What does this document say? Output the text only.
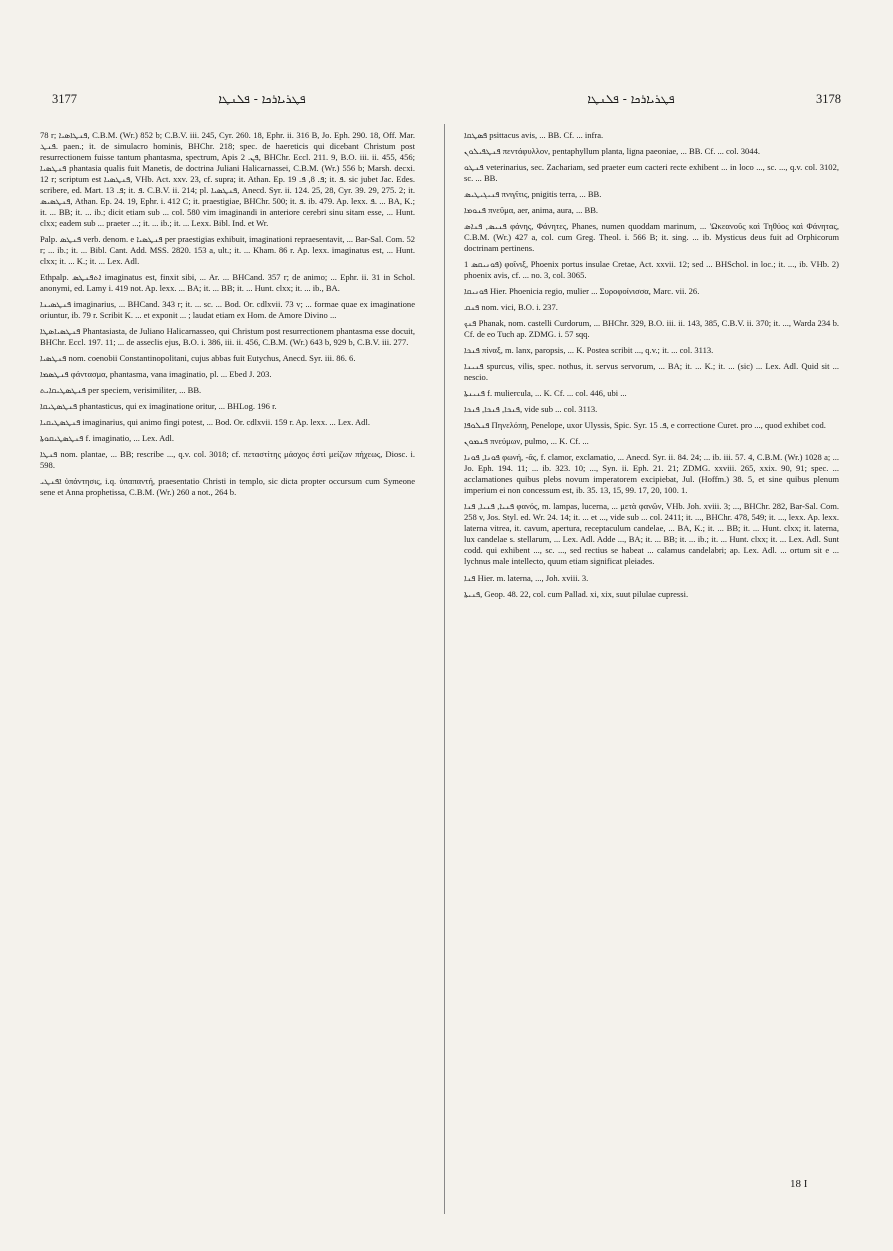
3177	ܦܛܪܝܐܪܟܐ - ܦܠܢܛܐ	ܦܛܪܝܐܪܟܐ - ܦܠܢܛܐ	3178

78 r; ܦܢܛܐܣܝܐ, C.B.M. (Wr.) 852 b; C.B.V. iii. 245, Cyr. 260. 18, Ephr. ii. 316 B, Jo. Eph. 290. 18, Off. Mar. ܦܢܛ. paen.; it. de simulacro hominis, BHChr. 218; spec. de haereticis qui dicebant Christum post resurrectionem fuisse tantum phantasma, spectrum, Apis ܦܢ. 2, BHChr. Eccl. 211. 9, B.O. iii. ii. 455, 456; ܦܢܛܣܝܐ phantasia qualis fuit Manetis, de doctrina Juliani Halicarnassei, C.B.M. (Wr.) 556 b; Marsh. decxi. 12 r; scriptum est ܦܢܛܣܝܐ, VHb. Act. xxv. 23, cf. supra; it. Athan. Ep. ܦ. 8, ܦ. 19; it. ܦ. sic jubet Jac. Edes. scribere, ed. Mart. ܦ. 13; it. ܦ. C.B.V. ii. 214; pl. ܦܢܛܣܝܐ, Anecd. Syr. ii. 124. 25, 28, Cyr. 39. 29, 275. 2; it. ܦܢܛܣܝܣ, Athan. Ep. 24. 19, Ephr. i. 412 C; it. praestigiae, BHChr. 500; it. ܦ. ib. 479. Ap. lexx. ܦ. ... BA, K.; it. ... BB; it. ... ib.; dicit etiam sub ... col. 580 vim imaginandi in anteriore cerebri sinu sitam esse, ... Hunt. clxx; eadem sub ... praeter ...; it. ... ib.; it. ... Lexx. Bibl. Ind. et Wr.

Palp. ܦܢܛܣ verb. denom. e ܦܢܛܣܝܐ per praestigias exhibuit, imaginationi repraesentavit, ... Bar-Sal. Com. 52 r; ... ib.; it. ... Bibl. Cant. Add. MSS. 2820. 153 a, ult.; it. ... Kham. 86 r. Ap. lexx. imaginatus est, ... Hunt. clxx; it. ... K.; it. ... Lex. Adl.

Ethpalp. ܐܬܦܢܛܣ imaginatus est, finxit sibi, ... Ar. ... BHCand. 357 r; de animo; ... Ephr. ii. 31 in Schol. anonymi, ed. Lamy i. 419 not. Ap. lexx. ... BA; it. ... BB; it. ... Hunt. clxx; it. ... ib., BA.

ܦܢܛܣܝܢܐ imaginarius, ... BHCand. 343 r; it. ... sc. ... Bod. Or. cdlxvii. 73 v; ... formae quae ex imaginatione oriuntur, ib. 79 r. Scribit K. ... et exponit ... ; laudat etiam ex Hom. de Amore Divino ...

ܦܢܛܣܝܐܣܛܐ Phantasiasta, de Juliano Halicarnasseo, qui Christum post resurrectionem phantasma esse docuit, BHChr. Eccl. 197. 11; ... de asseclis ejus, B.O. i. 386, iii. ii. 456, C.B.M. (Wr.) 643 b, 929 b, C.B.V. iii. 277.

ܦܢܛܣܝܐ nom. coenobii Constantinopolitani, cujus abbas fuit Eutychus, Anecd. Syr. iii. 86. 6.

ܦܢܛܣܡܐ φάντασμα, phantasma, vana imaginatio, pl. ... Ebed J. 203.

ܦܢܛܣܛܝܩܐܝܬ per speciem, verisimiliter, ... BB.

ܦܢܛܣܛܝܩܐ phantasticus, qui ex imaginatione oritur, ... BHLog. 196 r.

ܦܢܛܣܛܝܩܝܐ imaginarius, qui animo fingi potest, ... Bod. Or. cdlxvii. 159 r. Ap. lexx. ... Lex. Adl.

ܦܢܛܣܛܝܩܘܬܐ f. imaginatio, ... Lex. Adl.

ܦܢܛܐ nom. plantae, ... BB; rescribe ..., q.v. col. 3018; cf. πεταστίτης μάσχος ἐστὶ μείζων πήχεως, Diosc. i. 598.

ܐܦܢܛܝ ὑπάντησις, i.q. ὑπαπαντή, praesentatio Christi in templo, sic dicta propter occursum cum Symeone sene et Anna prophetissa, C.B.M. (Wr.) 260 a not., 264 b.

ܦܣܛܩܐ psittacus avis, ... BB. Cf. ... infra.

ܦܢܛܦܝܠܘܢ πεντάφυλλον, pentaphyllum planta, ligna paeoniae, ... BB. Cf. ... col. 3044.

ܦܢܛܘ veterinarius, sec. Zachariam, sed praeter eum cacteri recte exhibent ... in loco ..., sc. ..., q.v. col. 3102, sc. ... BB.

ܦܢܝܓܝܛܝܣ πνιγῖτις, pnigitis terra, ... BB.

ܦܢܘܡܐ πνεῦμα, aer, anima, aura, ... BB.

ܦܢܝܣ, ܦܢܐܣ φάνης, Φάνητες, Phanes, numen quoddam marinum, ... 'Ωκεανοῦς καὶ Τηθύος καὶ Φάνητας, C.B.M. (Wr.) 427 a, col. cum Greg. Theol. i. 566 B; it. sing. ... ib. Mysticus deus fuit ad Orphicorum doctrinam pertinens.

ܦܘܢܝܩܣ 1) φοῖνιξ, Phoenix portus insulae Cretae, Act. xxvii. 12; sed ... BHSchol. in loc.; it. ..., ib. VHb. 2) phoenix avis, cf. ... no. 3, col. 3065.

ܦܘܢܝܩܐ Hier. Phoenicia regio, mulier ... Συροφοίνισσα, Marc. vii. 26.

ܦܢܩ nom. vici, B.O. i. 237.

ܦܢܟ Phanak, nom. castelli Curdorum, ... BHChr. 329, B.O. iii. ii. 143, 385, C.B.V. ii. 370; it. ..., Warda 234 b. Cf. de eo Tuch ap. ZDMG. i. 57 sqq.

ܦܢܟܐ πίναξ, m. lanx, paropsis, ... K. Postea scribit ..., q.v.; it. ... col. 3113.

ܦܢܝܢܐ spurcus, vilis, spec. nothus, it. servus servorum, ... BA; it. ... K.; it. ... (sic) ... Lex. Adl. Quid sit ... nescio.

ܦܢܝܢܬܐ f. muliercula, ... K. Cf. ... col. 446, ubi ...

ܦܢܟܐ, ܦܢܟܐ, ܦܢܟܐ, vide sub ... col. 3113.

ܦܢܠܘܦܐ Πηνελόπη, Penelope, uxor Ulyssis, Spic. Syr. ܦ. 15, e correctione Curet. pro ..., quod exhibet cod.

ܦܢܡܘܢ πνεύμων, pulmo, ... K. Cf. ...

ܦܘܢܐ, ܦܘܢܐ φωνή, -ᾶς, f. clamor, exclamatio, ... Anecd. Syr. ii. 84. 24; ... ib. iii. 57. 4, C.B.M. (Wr.) 1028 a; ... Jo. Eph. 194. 11; ... ib. 323. 10; ..., Syn. ii. Eph. 21. 21; ZDMG. xxviii. 265, xxix. 90, 91; spec. ... acclamationes quibus plebs novum imperatorem excipiebat, Jul. (Hoffm.) 38. 5, et sine quibus plenum imperium ei non concessum est, ib. 35. 13, 15, 99. 17, 20, 100. 1.

ܦܢܝܐ, ܦܢܝܐ, ܦܢܐ φανός, m. lampas, lucerna, ... μετὰ φανῶν, VHb. Joh. xviii. 3; ..., BHChr. 282, Bar-Sal. Com. 258 v, Jos. Styl. ed. Wr. 24. 14; it. ... et ..., vide sub ... col. 2411; it. ..., BHChr. 478, 549; it. ..., lexx. Ap. lexx. laterna vitrea, it. cavum, apertura, receptaculum candelae, ... BA, K.; it. ... BB; it. ... Hunt. clxx; it. laterna, lux candelae s. stellarum, ... Lex. Adl. Adde ..., BA; it. ... BB; it. ... ib.; it. ... Hunt. clxx; it. ... Lex. Adl. Sunt codd. qui exhibent ..., sc. ..., sed rectius se habeat ... calamus candelabri; ap. Lex. Adl. ... ortum sit e ... lychnus male intellecto, quum etiam significat pleiades.

ܦܢܐ Hier. m. laterna, ..., Joh. xviii. 3.

ܦܢܝܬܐ, Geop. 48. 22, col. cum Pallad. xi, xix, suut pilulae cupressi.

18 I
